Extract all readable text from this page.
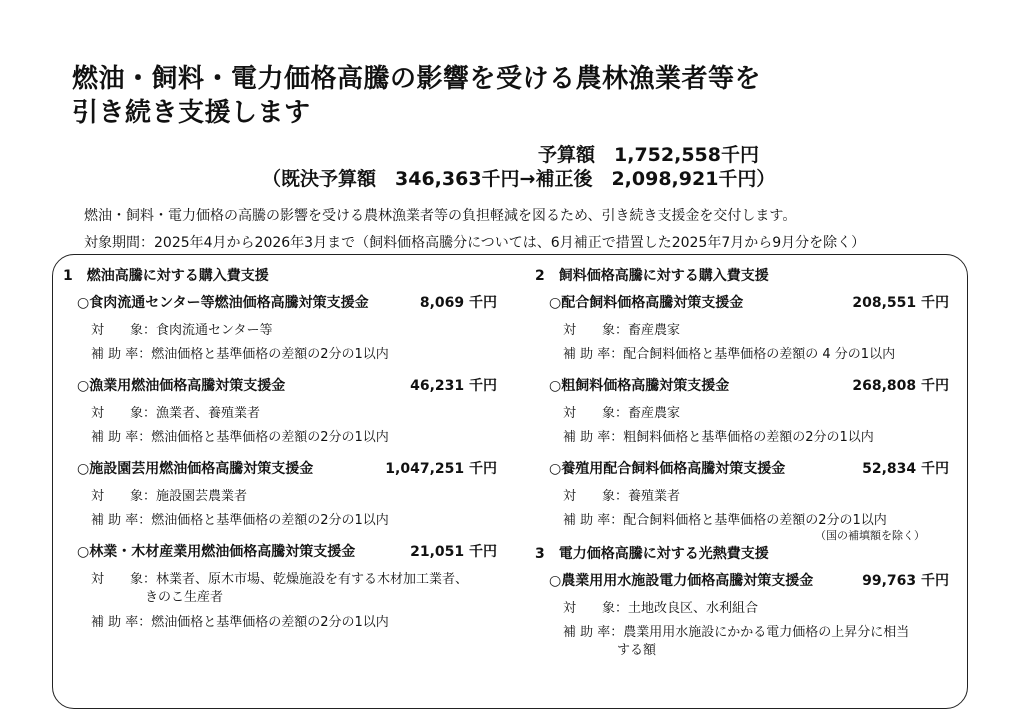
燃油・飼料・電力価格高騰の影響を受ける農林漁業者等を
引き続き支援します
予算額　1,752,558千円
（既決予算額　346,363千円→補正後　2,098,921千円）
燃油・飼料・電力価格の高騰の影響を受ける農林漁業者等の負担軽減を図るため、引き続き支援金を交付します。
対象期間：2025年4月から2026年3月まで（飼料価格高騰分については、6月補正で措置した2025年7月から9月分を除く）
1　燃油高騰に対する購入費支援
○食肉流通センター等燃油価格高騰対策支援金	8,069 千円
対　　象：食肉流通センター等
補 助 率：燃油価格と基準価格の差額の2分の1以内
○漁業用燃油価格高騰対策支援金	46,231 千円
対　　象：漁業者、養殖業者
補 助 率：燃油価格と基準価格の差額の2分の1以内
○施設園芸用燃油価格高騰対策支援金	1,047,251 千円
対　　象：施設園芸農業者
補 助 率：燃油価格と基準価格の差額の2分の1以内
○林業・木材産業用燃油価格高騰対策支援金	21,051 千円
対　　象：林業者、原木市場、乾燥施設を有する木材加工業者、
きのこ生産者
補 助 率：燃油価格と基準価格の差額の2分の1以内
2　飼料価格高騰に対する購入費支援
○配合飼料価格高騰対策支援金	208,551 千円
対　　象：畜産農家
補 助 率：配合飼料価格と基準価格の差額の 4 分の1以内
○粗飼料価格高騰対策支援金	268,808 千円
対　　象：畜産農家
補 助 率：粗飼料価格と基準価格の差額の2分の1以内
○養殖用配合飼料価格高騰対策支援金	52,834 千円
対　　象：養殖業者
補 助 率：配合飼料価格と基準価格の差額の2分の1以内
（国の補填額を除く）
3　電力価格高騰に対する光熱費支援
○農業用用水施設電力価格高騰対策支援金	99,763 千円
対　　象：土地改良区、水利組合
補 助 率：農業用用水施設にかかる電力価格の上昇分に相当
する額
